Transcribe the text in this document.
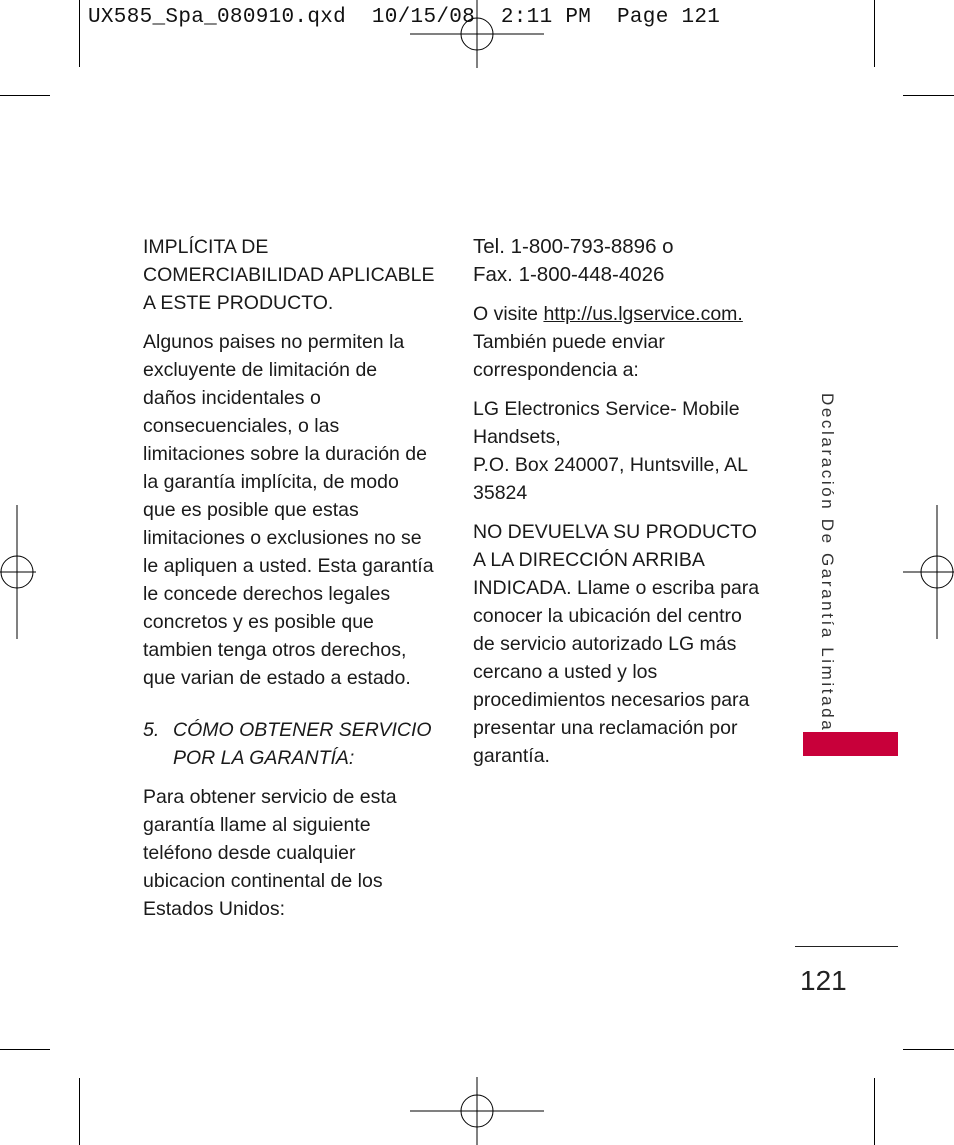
UX585_Spa_080910.qxd  10/15/08  2:11 PM  Page 121

IMPLÍCITA DE COMERCIABILIDAD APLICABLE A ESTE PRODUCTO.

Algunos paises no permiten la excluyente de limitación de daños incidentales o consecuenciales, o las limitaciones sobre la duración de la garantía implícita, de modo que es posible que estas limitaciones o exclusiones no se le apliquen a usted. Esta garantía le concede derechos legales concretos y es posible que tambien tenga otros derechos, que varian de estado a estado.

5. CÓMO OBTENER SERVICIO POR LA GARANTÍA:

Para obtener servicio de esta garantía llame al siguiente teléfono desde cualquier ubicacion continental de los Estados Unidos:

Tel. 1-800-793-8896 o
Fax. 1-800-448-4026

O visite http://us.lgservice.com.
También puede enviar correspondencia a:

LG Electronics Service- Mobile Handsets,
P.O. Box 240007, Huntsville, AL 35824

NO DEVUELVA SU PRODUCTO A LA DIRECCIÓN ARRIBA INDICADA. Llame o escriba para conocer la ubicación del centro de servicio autorizado LG más cercano a usted y los procedimientos necesarios para presentar una reclamación por garantía.

Declaración De Garantía Limitada
121
